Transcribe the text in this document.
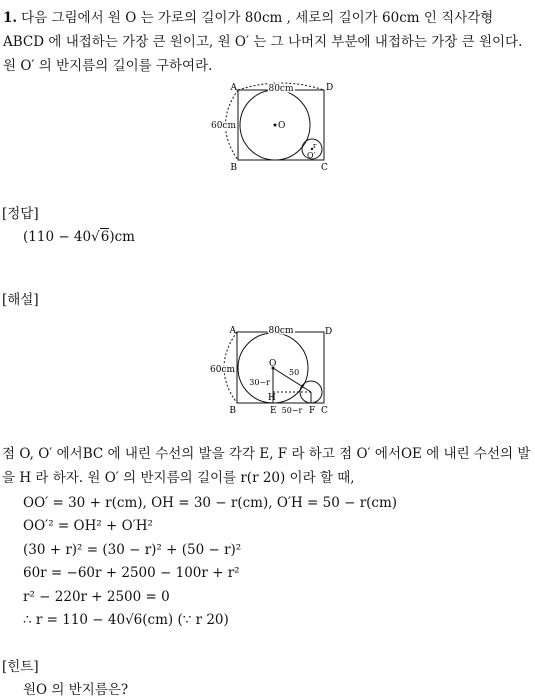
1. 다음 그림에서 원 O 는 가로의 길이가 80cm , 세로의 길이가 60cm 인 직사각형 ABCD 에 내접하는 가장 큰 원이고, 원 O′ 는 그 나머지 부분에 내접하는 가장 큰 원이다. 원 O′ 의 반지름의 길이를 구하여라.
A	D
B	C
80cm
60cm	O
O′
r
[정답]
(110 − 40√6)cm
[해설]
A	D
B	C
80cm
60cm
O
30−r
50
H
E 50−r F
점 O, O′ 에서BC 에 내린 수선의 발을 각각 E, F 라 하고 점 O′ 에서OE 에 내린 수선의 발을 H 라 하자. 원 O′ 의 반지름의 길이를 r(r 20) 이라 할 때,
OO′ = 30 + r(cm), OH = 30 − r(cm), O′H = 50 − r(cm)
OO′² = OH² + O′H²
(30 + r)² = (30 − r)² + (50 − r)²
60r = −60r + 2500 − 100r + r²
r² − 220r + 2500 = 0
∴ r = 110 − 40√6(cm) (∵ r 20)
[힌트]
원O 의 반지름은?
